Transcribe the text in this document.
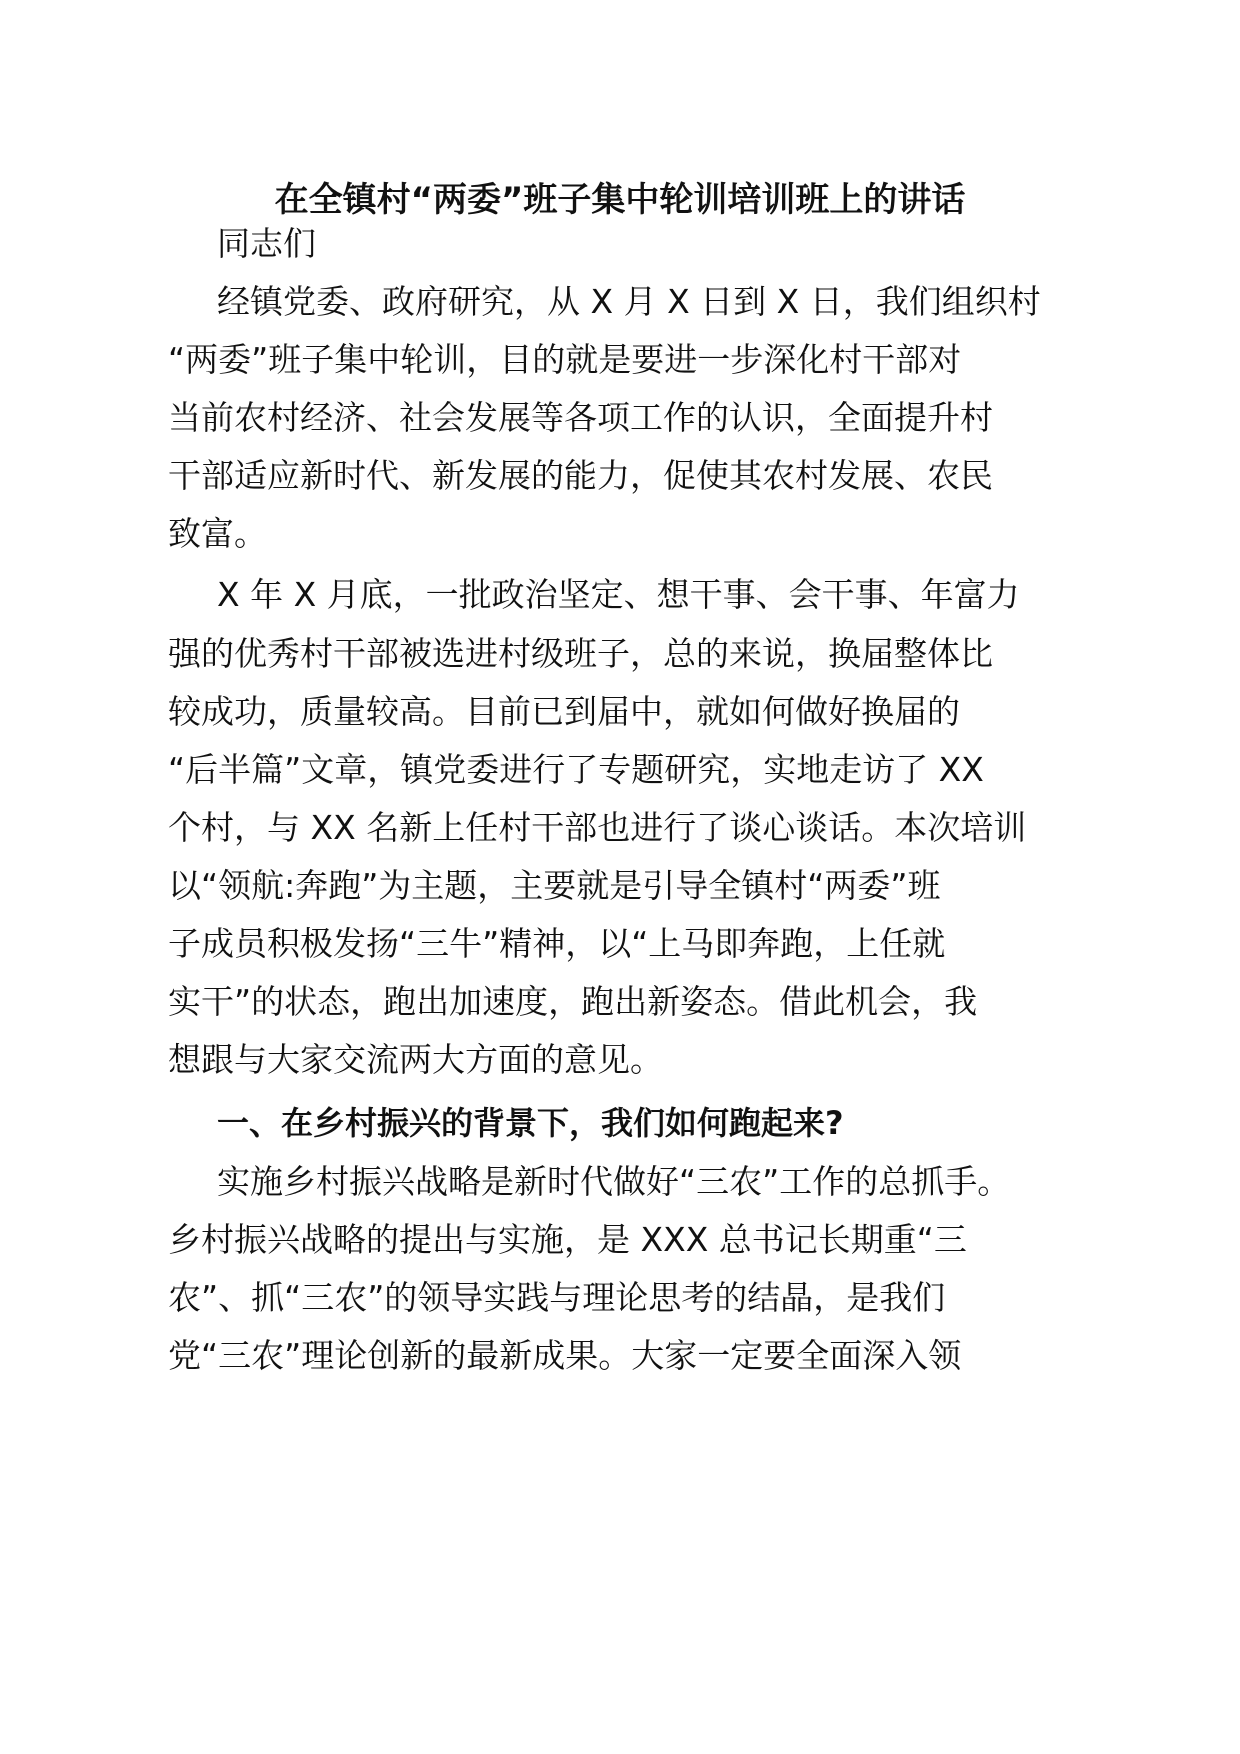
在全镇村“两委”班子集中轮训培训班上的讲话
同志们
经镇党委、政府研究，从 X 月 X 日到 X 日，我们组织村
“两委”班子集中轮训，目的就是要进一步深化村干部对
当前农村经济、社会发展等各项工作的认识，全面提升村
干部适应新时代、新发展的能力，促使其农村发展、农民
致富。
X 年 X 月底，一批政治坚定、想干事、会干事、年富力
强的优秀村干部被选进村级班子，总的来说，换届整体比
较成功，质量较高。目前已到届中，就如何做好换届的
“后半篇”文章，镇党委进行了专题研究，实地走访了 XX
个村，与 XX 名新上任村干部也进行了谈心谈话。本次培训
以“领航:奔跑”为主题，主要就是引导全镇村“两委”班
子成员积极发扬“三牛”精神，以“上马即奔跑，上任就
实干”的状态，跑出加速度，跑出新姿态。借此机会，我
想跟与大家交流两大方面的意见。
一、在乡村振兴的背景下，我们如何跑起来?
实施乡村振兴战略是新时代做好“三农”工作的总抓手。
乡村振兴战略的提出与实施，是 XXX 总书记长期重“三
农”、抓“三农”的领导实践与理论思考的结晶，是我们
党“三农”理论创新的最新成果。大家一定要全面深入领
